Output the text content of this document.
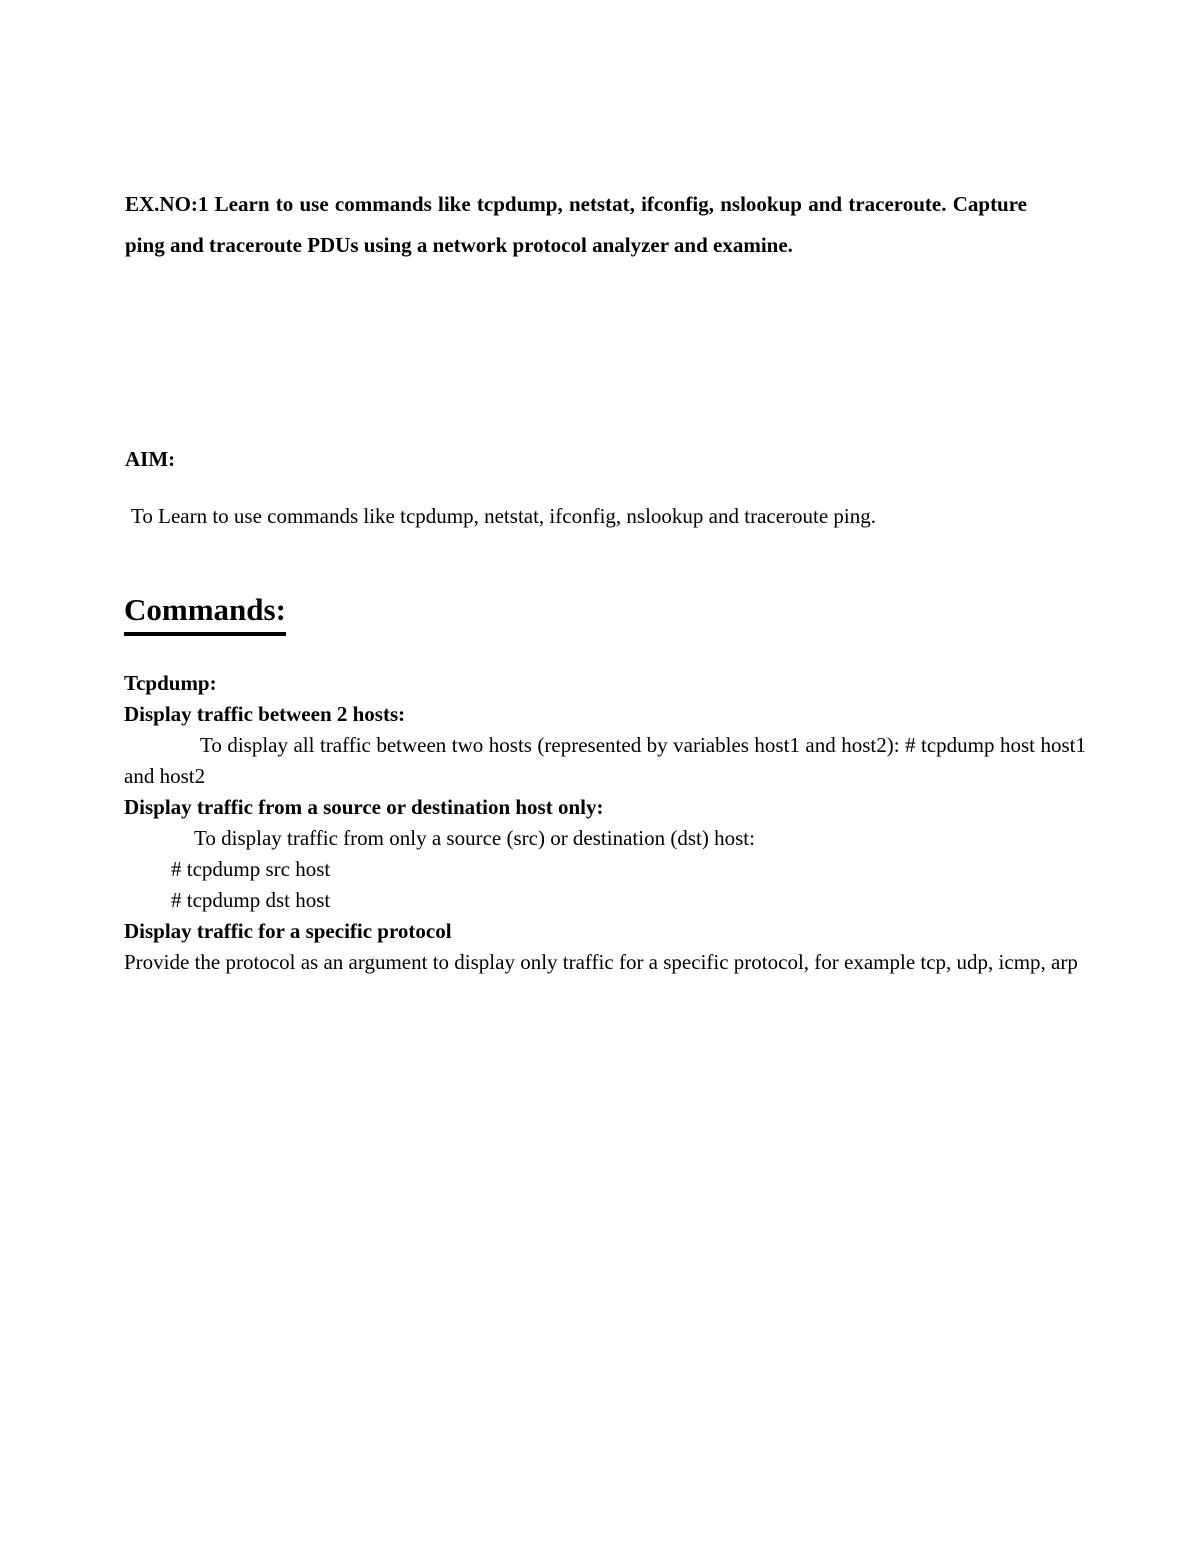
EX.NO:1 Learn to use commands like tcpdump, netstat, ifconfig, nslookup and traceroute. Capture ping and traceroute PDUs using a network protocol analyzer and examine.
AIM:
To Learn to use commands like tcpdump, netstat, ifconfig, nslookup and traceroute ping.
Commands:
Tcpdump:
Display traffic between 2 hosts:
To display all traffic between two hosts (represented by variables host1 and host2): # tcpdump host host1 and host2
Display traffic from a source or destination host only:
To display traffic from only a source (src) or destination (dst) host:
# tcpdump src host
# tcpdump dst host
Display traffic for a specific protocol
Provide the protocol as an argument to display only traffic for a specific protocol, for example tcp, udp, icmp, arp
